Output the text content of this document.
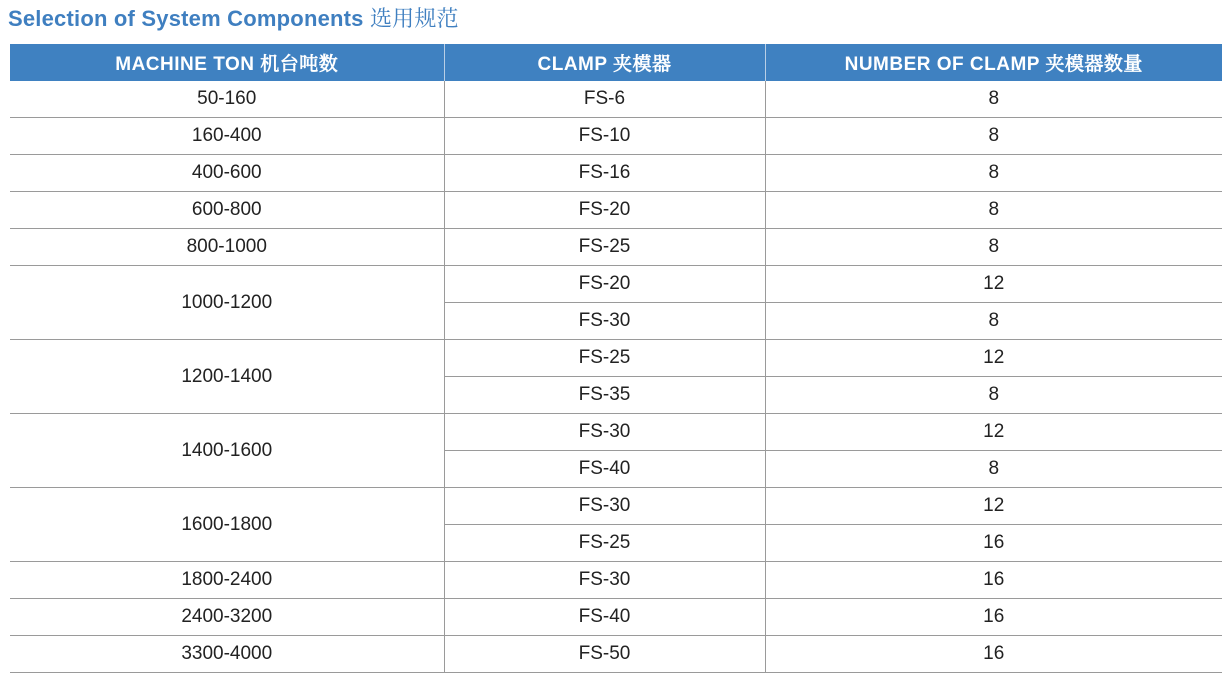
Selection of System Components 选用规范
MACHINE TON 机台吨数	CLAMP 夹模器	NUMBER OF CLAMP 夹模器数量
50-160	FS-6	8
160-400	FS-10	8
400-600	FS-16	8
600-800	FS-20	8
800-1000	FS-25	8
1000-1200	FS-20	12
	FS-30	8
1200-1400	FS-25	12
	FS-35	8
1400-1600	FS-30	12
	FS-40	8
1600-1800	FS-30	12
	FS-25	16
1800-2400	FS-30	16
2400-3200	FS-40	16
3300-4000	FS-50	16
